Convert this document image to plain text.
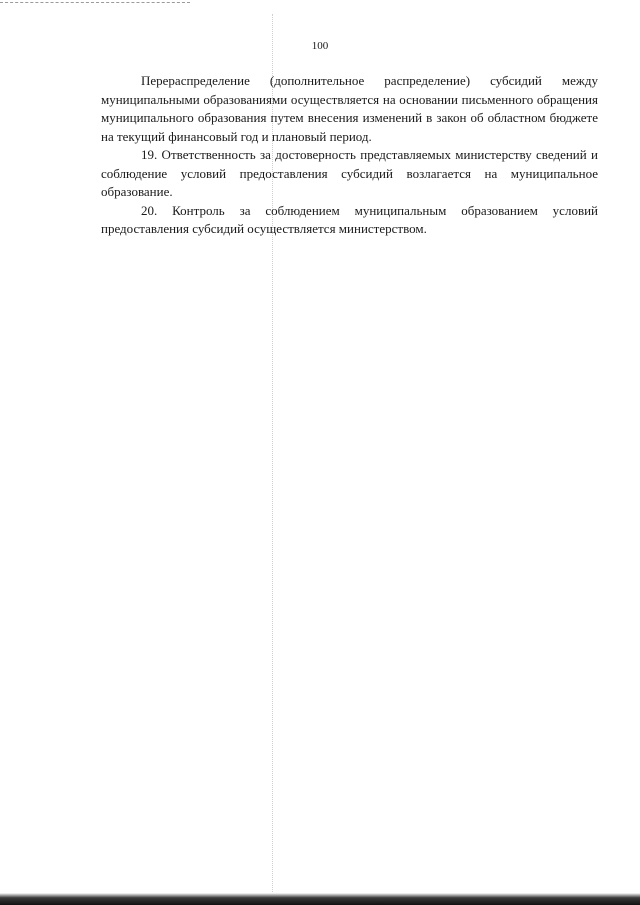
100

Перераспределение (дополнительное распределение) субсидий между муниципальными образованиями осуществляется на основании письменного обращения муниципального образования путем внесения изменений в закон об областном бюджете на текущий финансовый год и плановый период.

19. Ответственность за достоверность представляемых министерству сведений и соблюдение условий предоставления субсидий возлагается на муниципальное образование.

20. Контроль за соблюдением муниципальным образованием условий предоставления субсидий осуществляется министерством.
